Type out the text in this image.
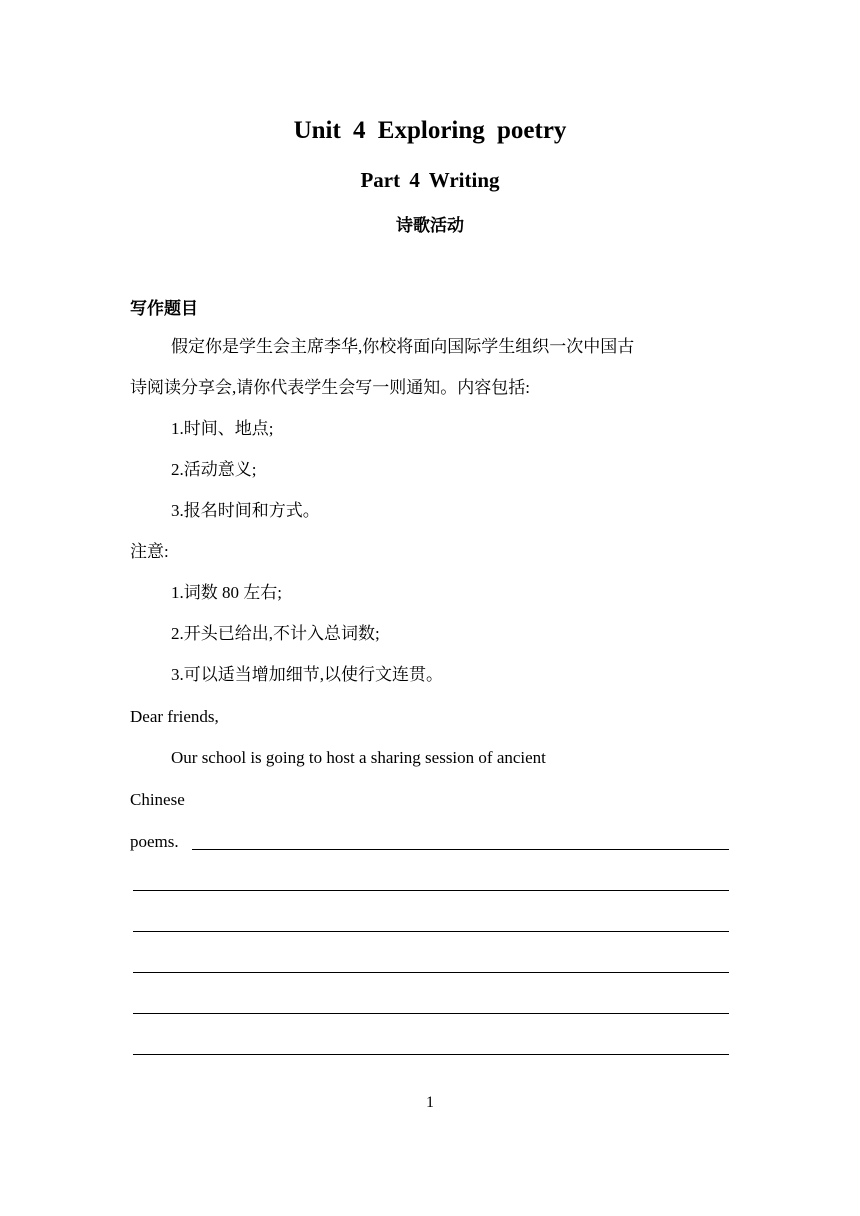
Unit 4 Exploring poetry
Part 4 Writing
诗歌活动
写作题目
假定你是学生会主席李华,你校将面向国际学生组织一次中国古
诗阅读分享会,请你代表学生会写一则通知。内容包括:
1.时间、地点;
2.活动意义;
3.报名时间和方式。
注意:
1.词数 80 左右;
2.开头已给出,不计入总词数;
3.可以适当增加细节,以使行文连贯。
Dear friends,
Our school is going to host a sharing session of ancient
Chinese
poems.
1
